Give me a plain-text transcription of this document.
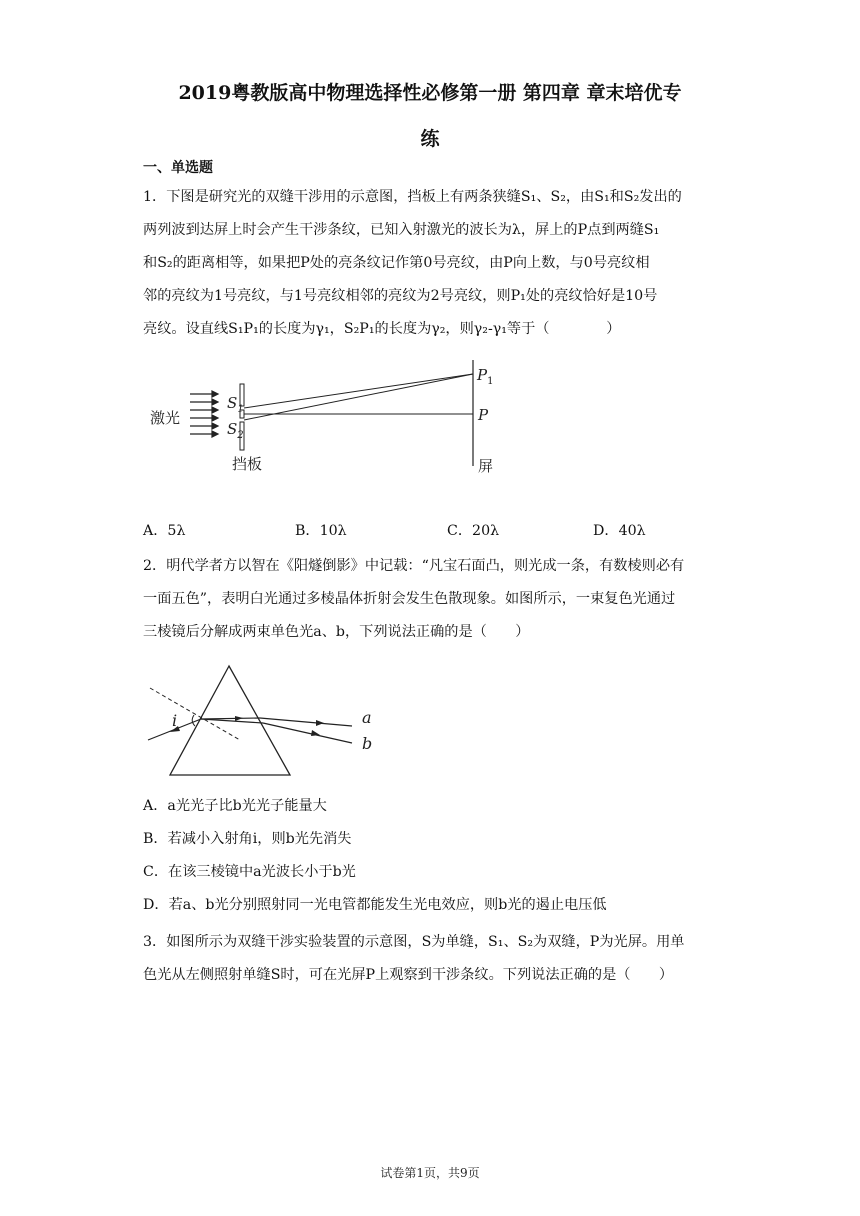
2019粤教版高中物理选择性必修第一册 第四章 章末培优专
练
一、单选题
1．下图是研究光的双缝干涉用的示意图，挡板上有两条狭缝S₁、S₂，由S₁和S₂发出的
两列波到达屏上时会产生干涉条纹，已知入射激光的波长为λ，屏上的P点到两缝S₁
和S₂的距离相等，如果把P处的亮条纹记作第0号亮纹，由P向上数，与0号亮纹相
邻的亮纹为1号亮纹，与1号亮纹相邻的亮纹为2号亮纹，则P₁处的亮纹恰好是10号
亮纹。设直线S₁P₁的长度为γ₁，S₂P₁的长度为γ₂，则γ₂-γ₁等于（　　　　）
激光
$S_1$
$S_2$
挡板
$P_1$
P
屏
A．5λ	B．10λ	C．20λ	D．40λ
2．明代学者方以智在《阳燧倒影》中记载：“凡宝石面凸，则光成一条，有数棱则必有
一面五色”，表明白光通过多棱晶体折射会发生色散现象。如图所示，一束复色光通过
三棱镜后分解成两束单色光a、b，下列说法正确的是（　　）
i	a
b
A．a光光子比b光光子能量大
B．若减小入射角i，则b光先消失
C．在该三棱镜中a光波长小于b光
D．若a、b光分别照射同一光电管都能发生光电效应，则b光的遏止电压低
3．如图所示为双缝干涉实验装置的示意图，S为单缝，S₁、S₂为双缝，P为光屏。用单
色光从左侧照射单缝S时，可在光屏P上观察到干涉条纹。下列说法正确的是（　　）
试卷第1页，共9页
